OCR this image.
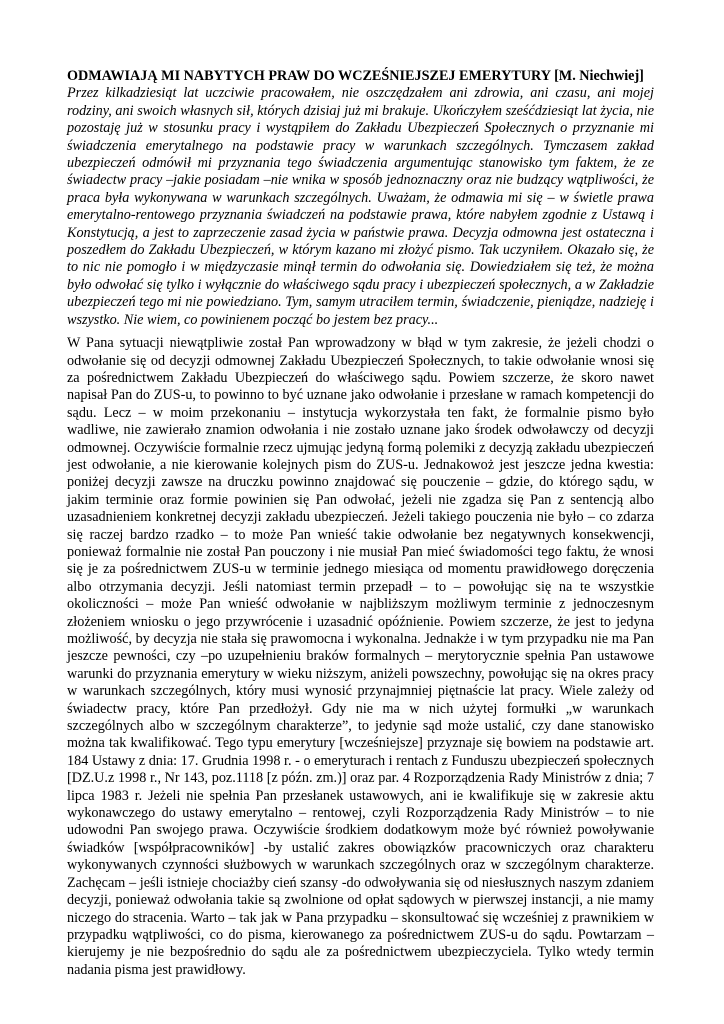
ODMAWIAJĄ MI NABYTYCH PRAW DO WCZEŚNIEJSZEJ EMERYTURY [M. Niechwiej]
Przez kilkadziesiąt lat uczciwie pracowałem, nie oszczędzałem ani zdrowia, ani czasu, ani mojej rodziny, ani swoich własnych sił, których dzisiaj już mi brakuje. Ukończyłem sześćdziesiąt lat życia, nie pozostaję już w stosunku pracy i wystąpiłem do Zakładu Ubezpieczeń Społecznych o przyznanie mi świadczenia emerytalnego na podstawie pracy w warunkach szczególnych. Tymczasem zakład ubezpieczeń odmówił mi przyznania tego świadczenia argumentując stanowisko tym faktem, że ze świadectw pracy –jakie posiadam –nie wnika w sposób jednoznaczny oraz nie budzący wątpliwości, że praca była wykonywana w warunkach szczególnych. Uważam, że odmawia mi się – w świetle prawa emerytalno-rentowego przyznania świadczeń na podstawie prawa, które nabyłem zgodnie z Ustawą i Konstytucją, a jest to zaprzeczenie zasad życia w państwie prawa. Decyzja odmowna jest ostateczna i poszedłem do Zakładu Ubezpieczeń, w którym kazano mi złożyć pismo. Tak uczyniłem. Okazało się, że to nic nie pomogło i w międzyczasie minął termin do odwołania się. Dowiedziałem się też, że można było odwołać się tylko i wyłącznie do właściwego sądu pracy i ubezpieczeń społecznych, a w Zakładzie ubezpieczeń tego mi nie powiedziano. Tym, samym utraciłem termin, świadczenie, pieniądze, nadzieję i wszystko. Nie wiem, co powinienem począć bo jestem bez pracy...

W Pana sytuacji niewątpliwie został Pan wprowadzony w błąd w tym zakresie, że jeżeli chodzi o odwołanie się od decyzji odmownej Zakładu Ubezpieczeń Społecznych, to takie odwołanie wnosi się za pośrednictwem Zakładu Ubezpieczeń do właściwego sądu. Powiem szczerze, że skoro nawet napisał Pan do ZUS-u, to powinno to być uznane jako odwołanie i przesłane w ramach kompetencji do sądu. Lecz – w moim przekonaniu – instytucja wykorzystała ten fakt, że formalnie pismo było wadliwe, nie zawierało znamion odwołania i nie zostało uznane jako środek odwoławczy od decyzji odmownej. Oczywiście formalnie rzecz ujmując jedyną formą polemiki z decyzją zakładu ubezpieczeń jest odwołanie, a nie kierowanie kolejnych pism do ZUS-u. Jednakowoż jest jeszcze jedna kwestia: poniżej decyzji zawsze na druczku powinno znajdować się pouczenie – gdzie, do którego sądu, w jakim terminie oraz formie powinien się Pan odwołać, jeżeli nie zgadza się Pan z sentencją albo uzasadnieniem konkretnej decyzji zakładu ubezpieczeń. Jeżeli takiego pouczenia nie było – co zdarza się raczej bardzo rzadko – to może Pan wnieść takie odwołanie bez negatywnych konsekwencji, ponieważ formalnie nie został Pan pouczony i nie musiał Pan mieć świadomości tego faktu, że wnosi się je za pośrednictwem ZUS-u w terminie jednego miesiąca od momentu prawidłowego doręczenia albo otrzymania decyzji. Jeśli natomiast termin przepadł – to – powołując się na te wszystkie okoliczności – może Pan wnieść odwołanie w najbliższym możliwym terminie z jednoczesnym złożeniem wniosku o jego przywrócenie i uzasadnić opóźnienie. Powiem szczerze, że jest to jedyna możliwość, by decyzja nie stała się prawomocna i wykonalna. Jednakże i w tym przypadku nie ma Pan jeszcze pewności, czy –po uzupełnieniu braków formalnych – merytorycznie spełnia Pan ustawowe warunki do przyznania emerytury w wieku niższym, aniżeli powszechny, powołując się na okres pracy w warunkach szczególnych, który musi wynosić przynajmniej piętnaście lat pracy. Wiele zależy od świadectw pracy, które Pan przedłożył. Gdy nie ma w nich użytej formułki „w warunkach szczególnych albo w szczególnym charakterze”, to jedynie sąd może ustalić, czy dane stanowisko można tak kwalifikować. Tego typu emerytury [wcześniejsze] przyznaje się bowiem na podstawie art. 184 Ustawy z dnia: 17. Grudnia 1998 r. - o emeryturach i rentach z Funduszu ubezpieczeń społecznych [DZ.U.z 1998 r., Nr 143, poz.1118 [z późn. zm.)] oraz par. 4 Rozporządzenia Rady Ministrów z dnia; 7 lipca 1983 r. Jeżeli nie spełnia Pan przesłanek ustawowych, ani ie kwalifikuje się w zakresie aktu wykonawczego do ustawy emerytalno – rentowej, czyli Rozporządzenia Rady Ministrów – to nie udowodni Pan swojego prawa. Oczywiście środkiem dodatkowym może być również powoływanie świadków [współpracowników] -by ustalić zakres obowiązków pracowniczych oraz charakteru wykonywanych czynności służbowych w warunkach szczególnych oraz w szczególnym charakterze. Zachęcam – jeśli istnieje chociażby cień szansy -do odwoływania się od niesłusznych naszym zdaniem decyzji, ponieważ odwołania takie są zwolnione od opłat sądowych w pierwszej instancji, a nie mamy niczego do stracenia. Warto – tak jak w Pana przypadku – skonsultować się wcześniej z prawnikiem w przypadku wątpliwości, co do pisma, kierowanego za pośrednictwem ZUS-u do sądu. Powtarzam – kierujemy je nie bezpośrednio do sądu ale za pośrednictwem ubezpieczyciela. Tylko wtedy termin nadania pisma jest prawidłowy.
